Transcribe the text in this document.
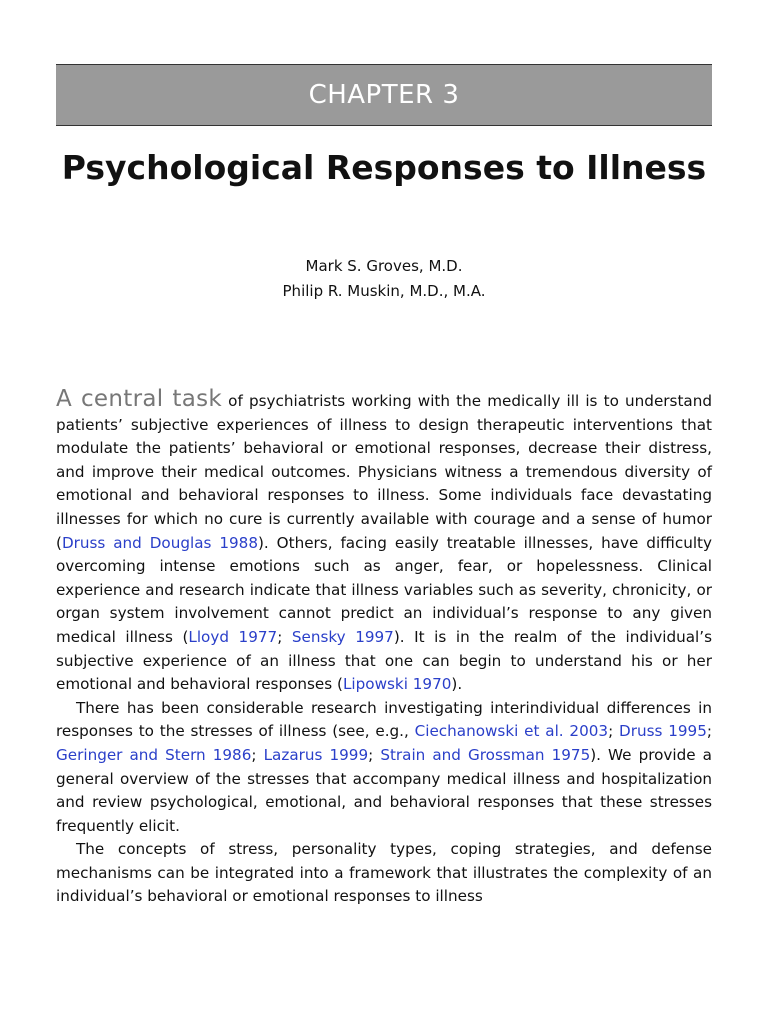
CHAPTER 3
Psychological Responses to Illness
Mark S. Groves, M.D.
Philip R. Muskin, M.D., M.A.

A central task of psychiatrists working with the medically ill is to understand patients’ subjective experiences of illness to design therapeutic interventions that modulate the patients’ behavioral or emotional responses, decrease their distress, and improve their medical outcomes. Physicians witness a tremendous diversity of emotional and behavioral responses to illness. Some individuals face devastating illnesses for which no cure is currently available with courage and a sense of humor (Druss and Douglas 1988). Others, facing easily treatable illnesses, have difficulty overcoming intense emotions such as anger, fear, or hopelessness. Clinical experience and research indicate that illness variables such as severity, chronicity, or organ system involvement cannot predict an individual’s response to any given medical illness (Lloyd 1977; Sensky 1997). It is in the realm of the individual’s subjective experience of an illness that one can begin to understand his or her emotional and behavioral responses (Lipowski 1970).

There has been considerable research investigating interindividual differences in responses to the stresses of illness (see, e.g., Ciechanowski et al. 2003; Druss 1995; Geringer and Stern 1986; Lazarus 1999; Strain and Grossman 1975). We provide a general overview of the stresses that accompany medical illness and hospitalization and review psychological, emotional, and behavioral responses that these stresses frequently elicit.

The concepts of stress, personality types, coping strategies, and defense mechanisms can be integrated into a framework that illustrates the complexity of an individual’s behavioral or emotional responses to illness
